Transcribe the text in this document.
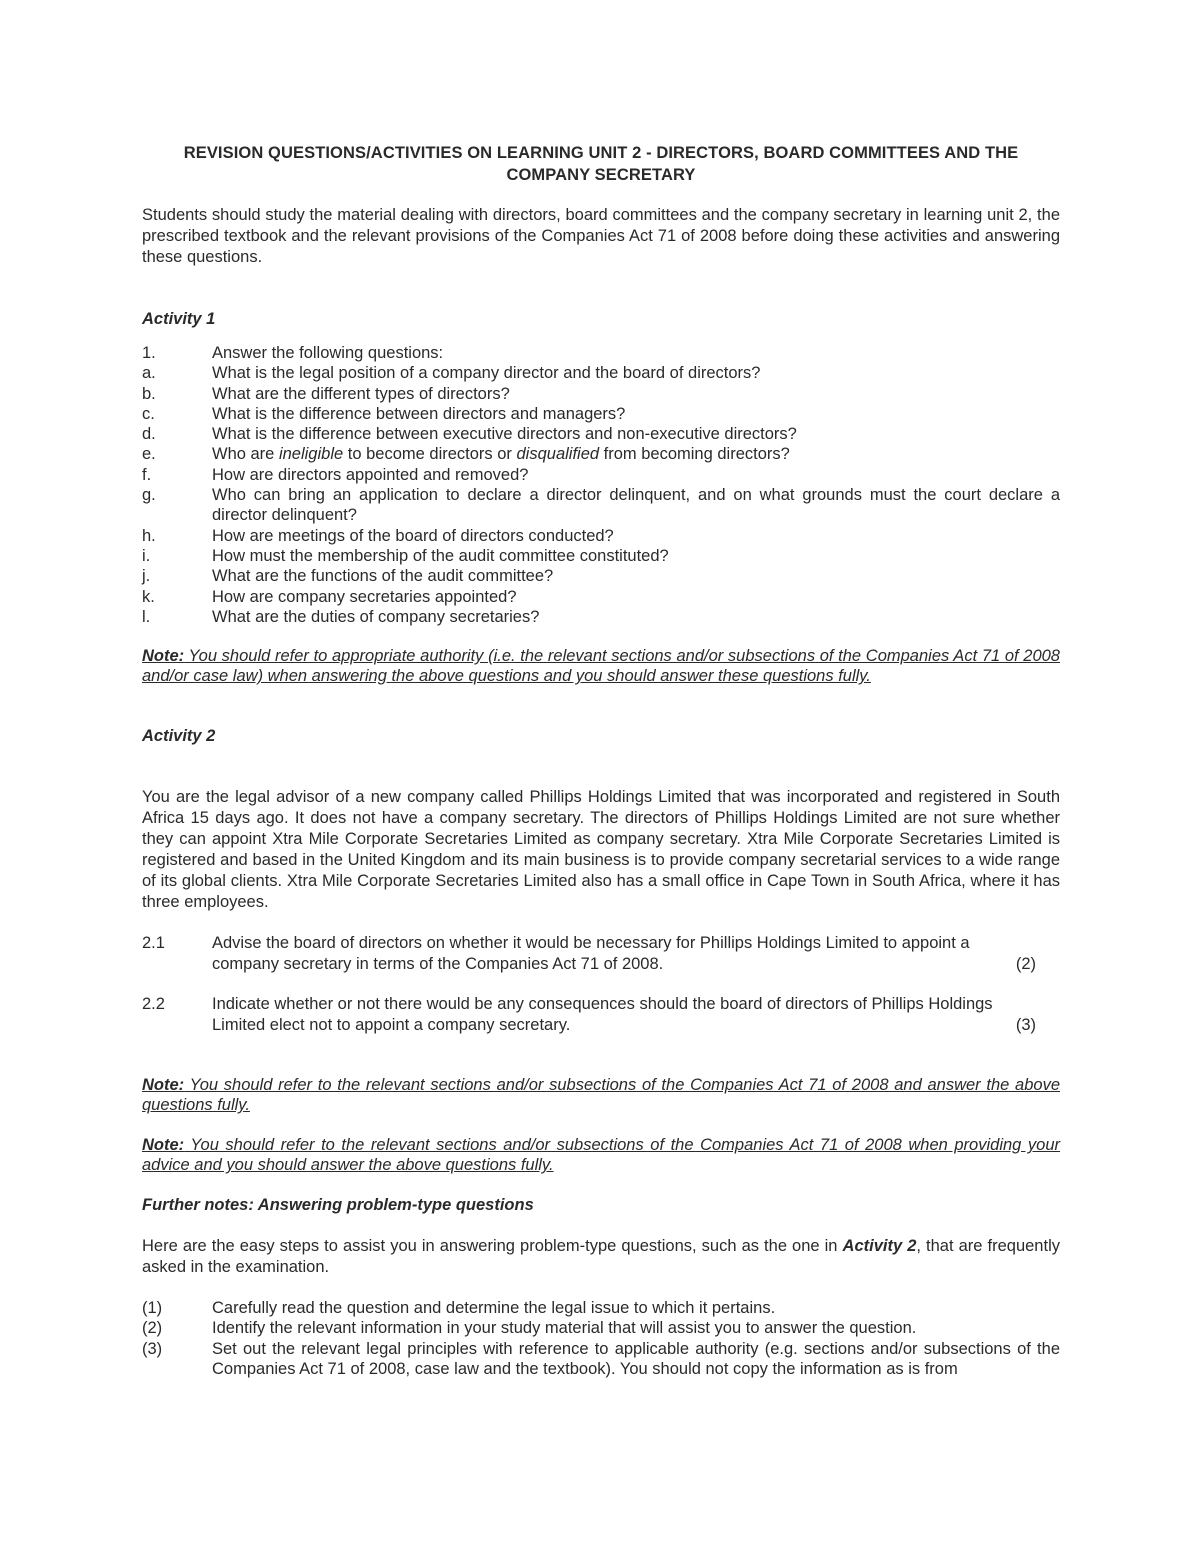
REVISION QUESTIONS/ACTIVITIES ON LEARNING UNIT 2 - DIRECTORS, BOARD COMMITTEES AND THE
COMPANY SECRETARY

Students should study the material dealing with directors, board committees and the company secretary in learning unit 2, the prescribed textbook and the relevant provisions of the Companies Act 71 of 2008 before doing these activities and answering these questions.

Activity 1
1.	Answer the following questions:
a.	What is the legal position of a company director and the board of directors?
b.	What are the different types of directors?
c.	What is the difference between directors and managers?
d.	What is the difference between executive directors and non-executive directors?
e.	Who are ineligible to become directors or disqualified from becoming directors?
f.	How are directors appointed and removed?
g.	Who can bring an application to declare a director delinquent, and on what grounds must the court declare a director delinquent?
h.	How are meetings of the board of directors conducted?
i.	How must the membership of the audit committee constituted?
j.	What are the functions of the audit committee?
k.	How are company secretaries appointed?
l.	What are the duties of company secretaries?

Note: You should refer to appropriate authority (i.e. the relevant sections and/or subsections of the Companies Act 71 of 2008 and/or case law) when answering the above questions and you should answer these questions fully.

Activity 2

You are the legal advisor of a new company called Phillips Holdings Limited that was incorporated and registered in South Africa 15 days ago. It does not have a company secretary. The directors of Phillips Holdings Limited are not sure whether they can appoint Xtra Mile Corporate Secretaries Limited as company secretary. Xtra Mile Corporate Secretaries Limited is registered and based in the United Kingdom and its main business is to provide company secretarial services to a wide range of its global clients. Xtra Mile Corporate Secretaries Limited also has a small office in Cape Town in South Africa, where it has three employees.

2.1	Advise the board of directors on whether it would be necessary for Phillips Holdings Limited to appoint a
company secretary in terms of the Companies Act 71 of 2008.	(2)
2.2	Indicate whether or not there would be any consequences should the board of directors of Phillips Holdings
Limited elect not to appoint a company secretary.	(3)

Note: You should refer to the relevant sections and/or subsections of the Companies Act 71 of 2008 and answer the above questions fully.

Note: You should refer to the relevant sections and/or subsections of the Companies Act 71 of 2008 when providing your advice and you should answer the above questions fully.

Further notes: Answering problem-type questions

Here are the easy steps to assist you in answering problem-type questions, such as the one in Activity 2, that are frequently asked in the examination.

(1)	Carefully read the question and determine the legal issue to which it pertains.
(2)	Identify the relevant information in your study material that will assist you to answer the question.
(3)	Set out the relevant legal principles with reference to applicable authority (e.g. sections and/or subsections of the Companies Act 71 of 2008, case law and the textbook). You should not copy the information as is from
